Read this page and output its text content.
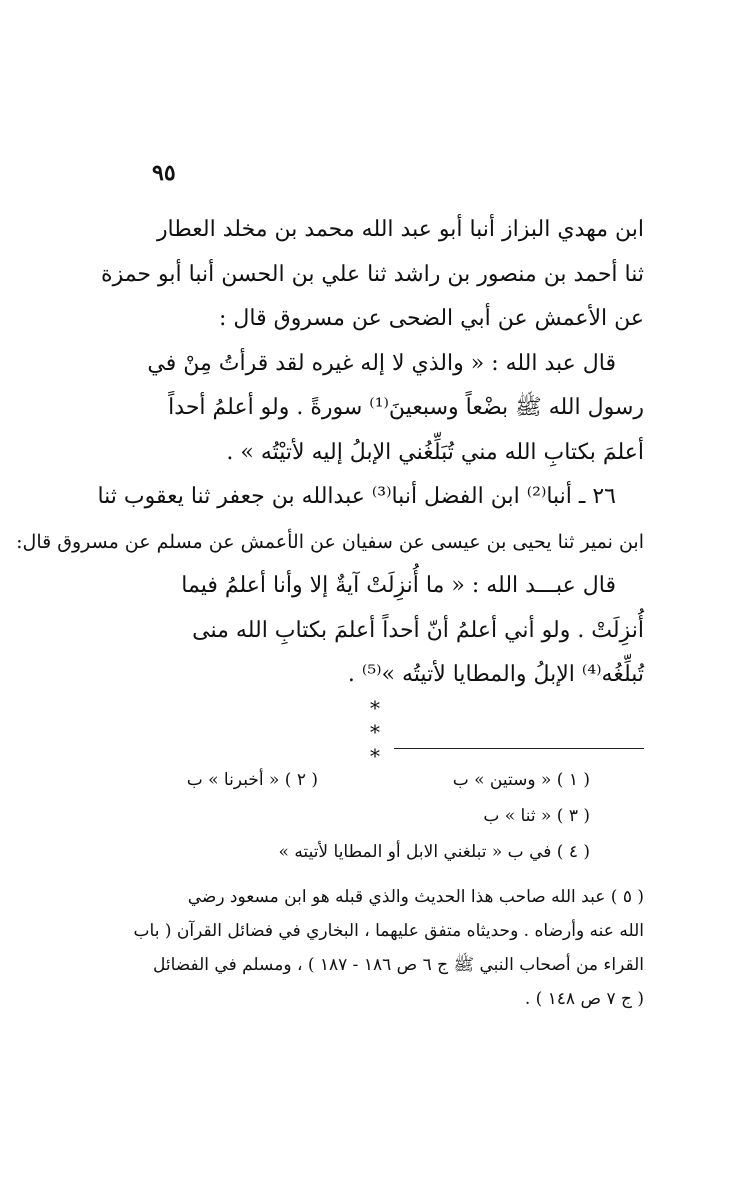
٩٥
ابن مهدي البزاز أنبا أبو عبد الله محمد بن مخلد العطار
ثنا أحمد بن منصور بن راشد ثنا علي بن الحسن أنبا أبو حمزة
عن الأعمش عن أبي الضحى عن مسروق قال :
قال عبد الله : « والذي لا إله غيره لقد قرأتُ مِنْ في
رسول الله ﷺ بضْعاً وسبعينَ⁽¹⁾ سورةً . ولو أعلمُ أحداً
أعلمَ بكتابِ الله مني تُبَلِّغُني الإبلُ إليه لأتيْتُه » .
٢٦ ـ أنبا⁽²⁾ ابن الفضل أنبا⁽³⁾ عبدالله بن جعفر ثنا يعقوب ثنا
ابن نمير ثنا يحيى بن عيسى عن سفيان عن الأعمش عن مسلم عن مسروق قال:
قال عبـــد الله : « ما أُنزِلَتْ آيةٌ إلا وأنا أعلمُ فيما
أُنزِلَتْ . ولو أني أعلمُ أنّ أحداً أعلمَ بكتابِ الله منى
تُبلِّغُه⁽⁴⁾ الإبلُ والمطايا لأتيتُه »⁽⁵⁾ .
* * *
( ١ ) « وستين » ب
( ٢ ) « أخبرنا » ب
( ٣ ) « ثنا » ب
( ٤ ) في ب « تبلغني الابل أو المطايا لأتيته »
( ٥ ) عبد الله صاحب هذا الحديث والذي قبله هو ابن مسعود رضي
الله عنه وأرضاه . وحديثاه متفق عليهما ، البخاري في فضائل القرآن ( باب
القراء من أصحاب النبي ﷺ ج ٦ ص ١٨٦ - ١٨٧ ) ، ومسلم في الفضائل
( ج ٧ ص ١٤٨ ) .
